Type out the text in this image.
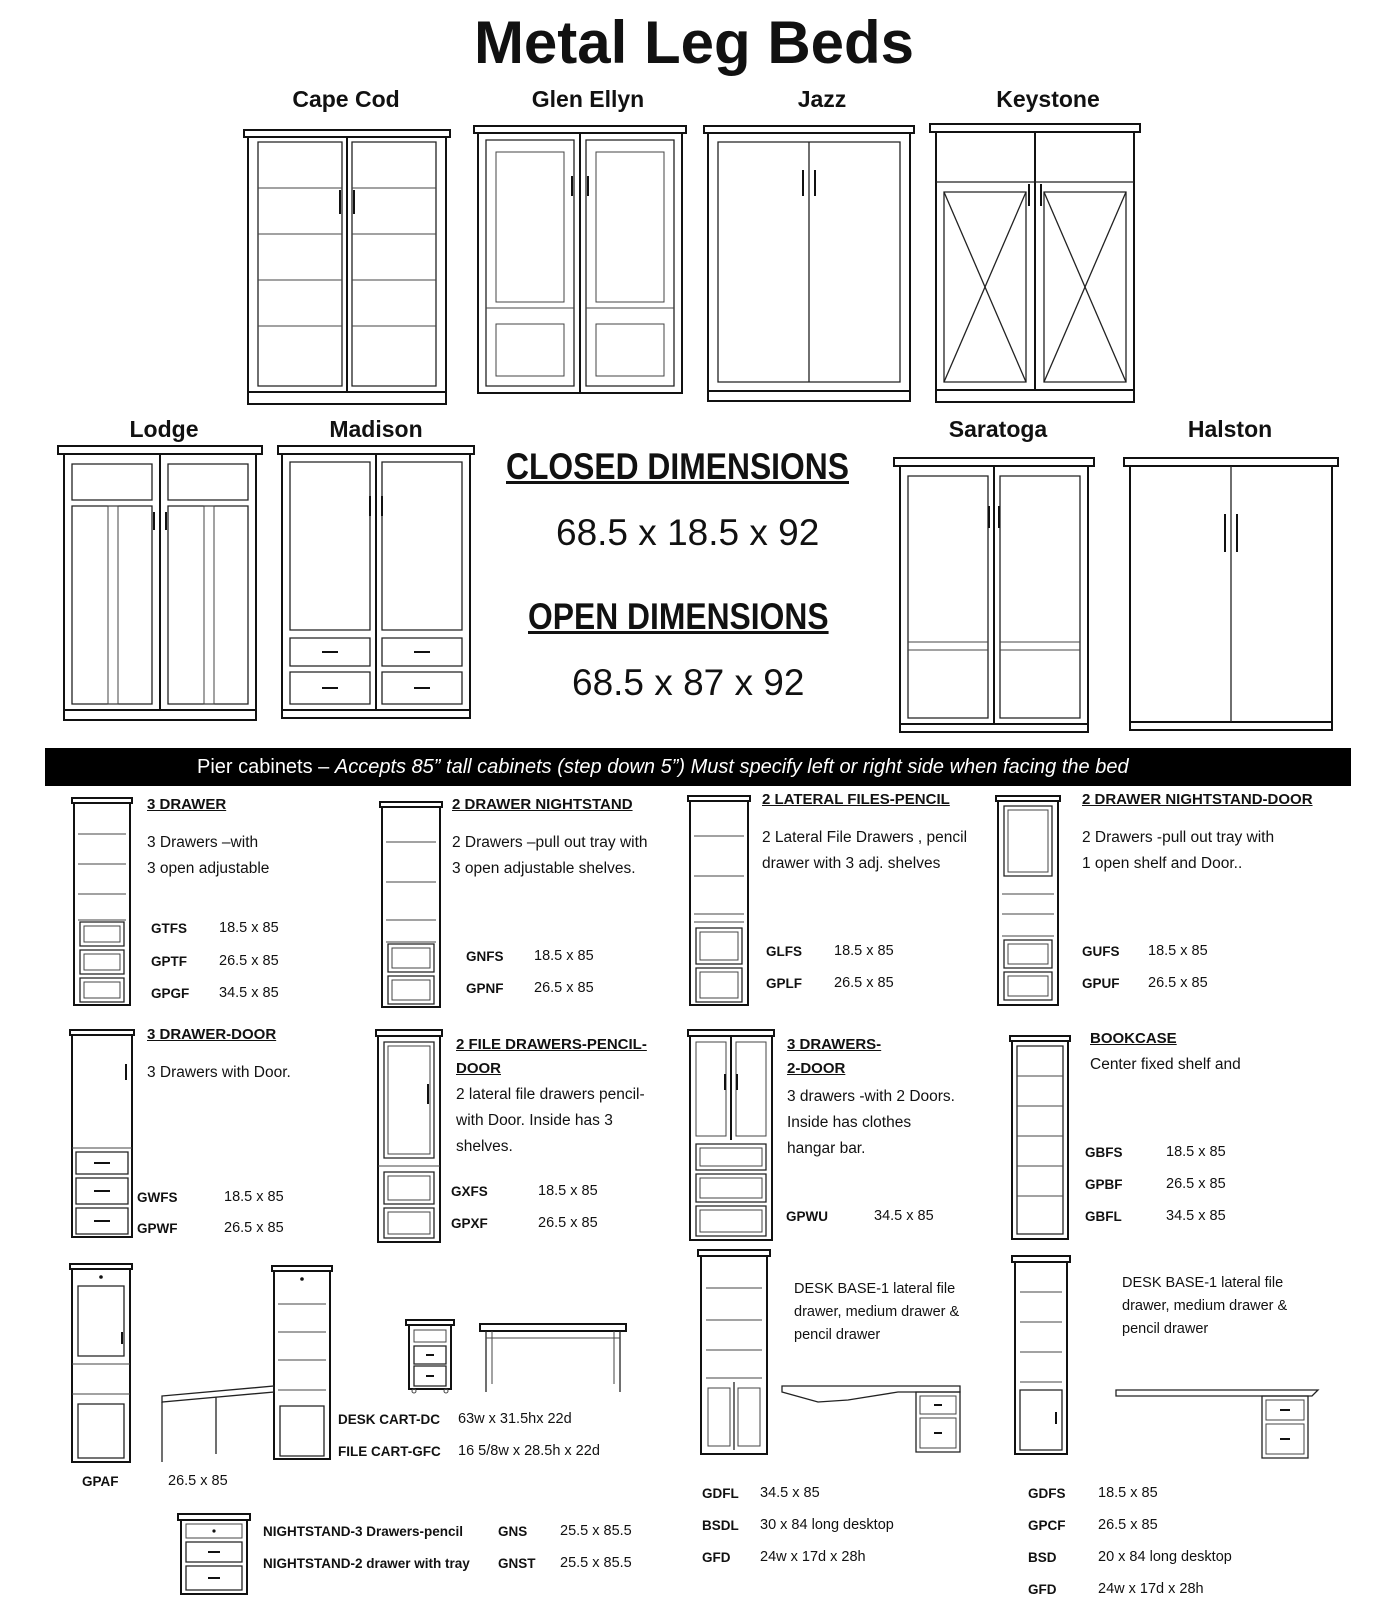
Metal Leg Beds
Cape Cod	Glen Ellyn	Jazz	Keystone
Lodge	Madison	Saratoga	Halston
CLOSED DIMENSIONS
68.5 x 18.5 x 92
OPEN DIMENSIONS
68.5 x 87 x 92
Pier cabinets – Accepts 85” tall cabinets (step down 5”) Must specify left or right side when facing the bed
3 DRAWER
3 Drawers –with
3 open adjustable
GTFS 18.5 x 85
GPTF 26.5 x 85
GPGF 34.5 x 85
2 DRAWER NIGHTSTAND
2 Drawers –pull out tray with
3 open adjustable shelves.
GNFS 18.5 x 85
GPNF 26.5 x 85
2 LATERAL FILES-PENCIL
2 Lateral File Drawers , pencil
drawer with 3 adj. shelves
GLFS 18.5 x 85
GPLF 26.5 x 85
2 DRAWER NIGHTSTAND-DOOR
2 Drawers -pull out tray with
1 open shelf and Door..
GUFS 18.5 x 85
GPUF 26.5 x 85
3 DRAWER-DOOR
3 Drawers with Door.
GWFS	18.5 x 85
GPWF	26.5 x 85
2 FILE DRAWERS-PENCIL-
DOOR
2 lateral file drawers pencil-
with Door. Inside has 3
shelves.
GXFS	18.5 x 85
GPXF	26.5 x 85
3 DRAWERS-
2-DOOR
3 drawers -with 2 Doors.
Inside has clothes
hangar bar.
GPWU	34.5 x 85
BOOKCASE
Center fixed shelf and
GBFS	18.5 x 85
GPBF	26.5 x 85
GBFL	34.5 x 85
GPAF	26.5 x 85
DESK CART-DC 63w x 31.5hx 22d
FILE CART-GFC 16 5/8w x 28.5h x 22d
NIGHTSTAND-3 Drawers-pencil	GNS 25.5 x 85.5
NIGHTSTAND-2 drawer with tray GNST 25.5 x 85.5
DESK BASE-1 lateral file
drawer, medium drawer &
pencil drawer
GDFL 34.5 x 85
BSDL 30 x 84 long desktop
GFD 24w x 17d x 28h
DESK BASE-1 lateral file
drawer, medium drawer &
pencil drawer
GDFS 18.5 x 85
GPCF 26.5 x 85
BSD	20 x 84 long desktop
GFD	24w x 17d x 28h
